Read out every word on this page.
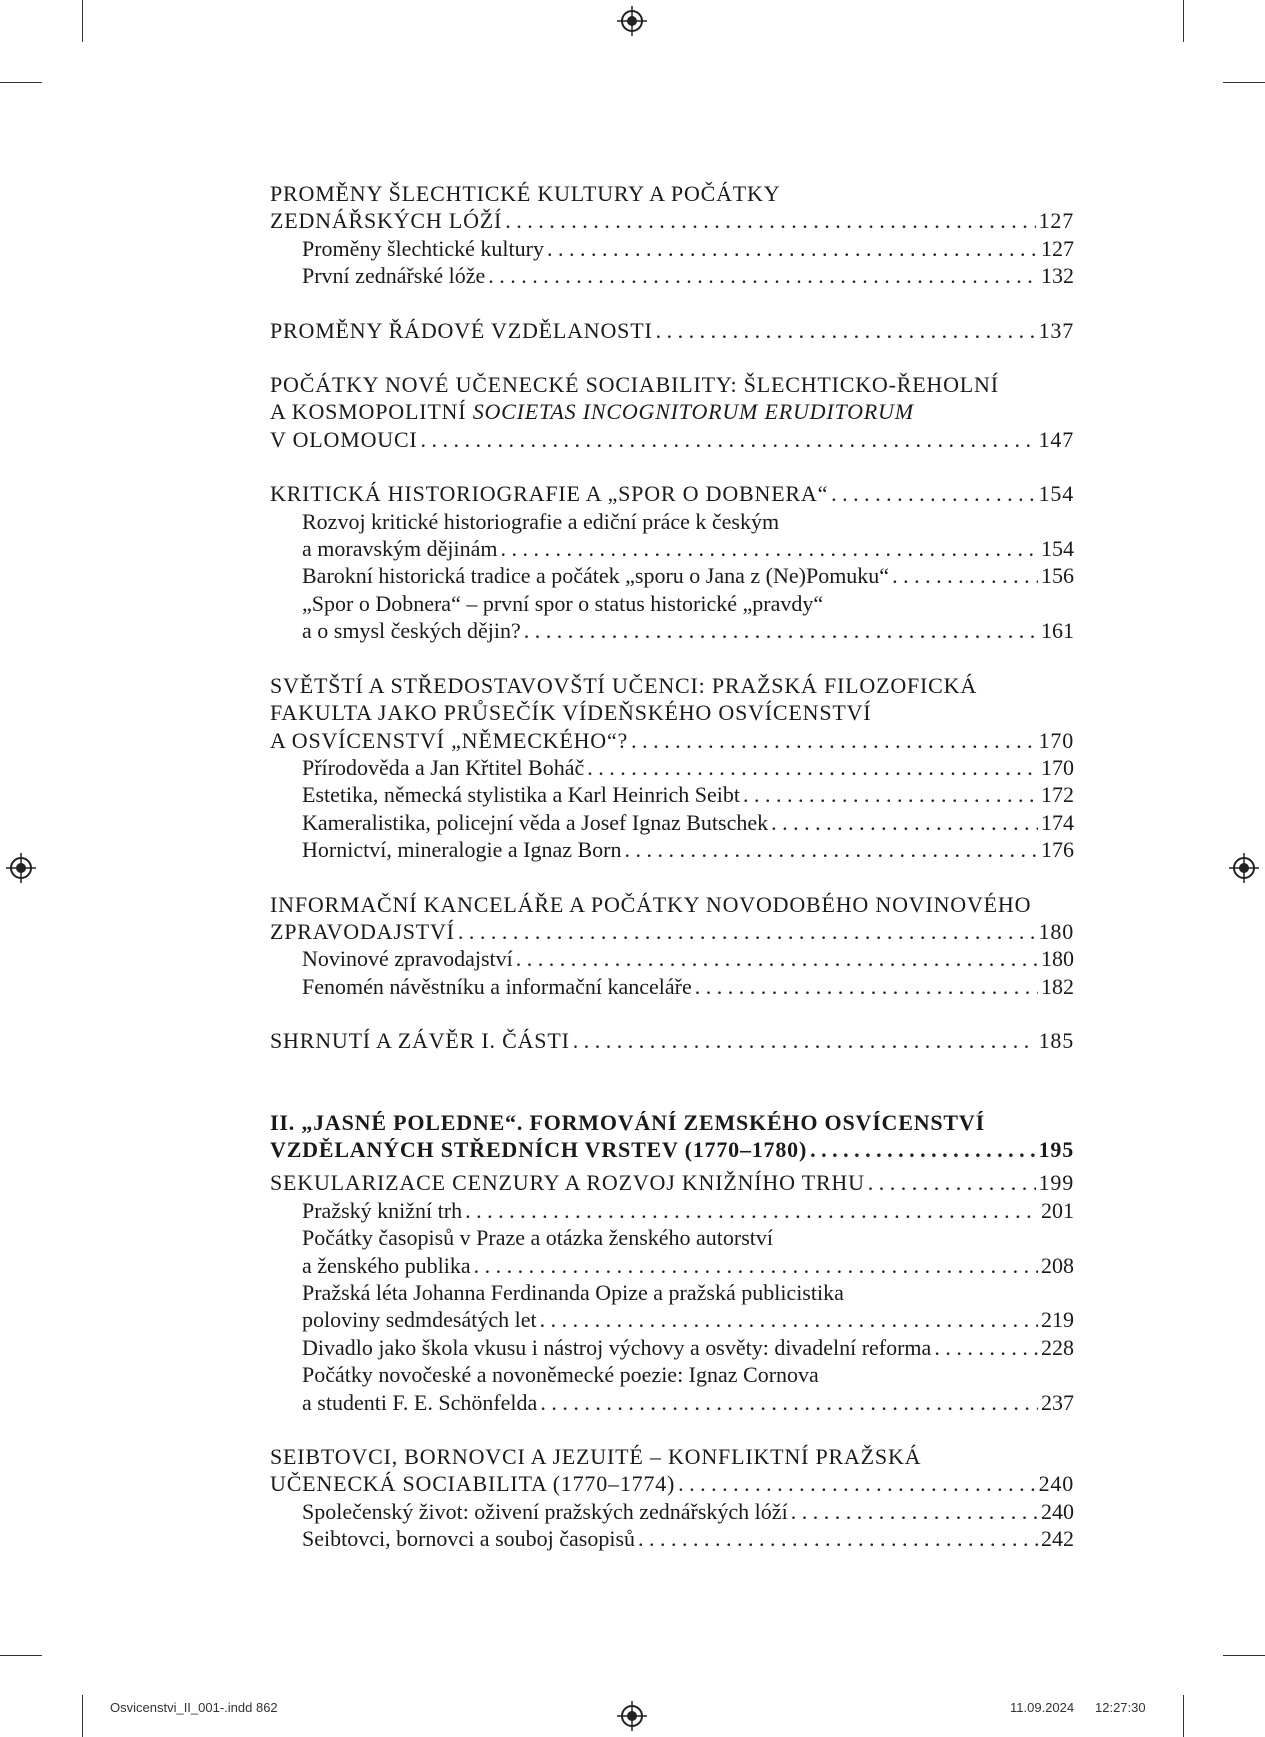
PROMĚNY ŠLECHTICKÉ KULTURY A POČÁTKY
ZEDNÁŘSKÝCH LÓŽÍ . . .	127
Proměny šlechtické kultury . . .	127
První zednářské lóže . . .	132
PROMĚNY ŘÁDOVÉ VZDĚLANOSTI . . .	137
POČÁTKY NOVÉ UČENECKÉ SOCIABILITY: ŠLECHTICKO-ŘEHOLNÍ
A KOSMOPOLITNÍ SOCIETAS INCOGNITORUM ERUDITORUM
V OLOMOUCI . . .	147
KRITICKÁ HISTORIOGRAFIE A „SPOR O DOBNERA“ . . .	154
Rozvoj kritické historiografie a ediční práce k českým
a moravským dějinám . . .	154
Barokní historická tradice a počátek „sporu o Jana z (Ne)Pomuku“ . . .	156
„Spor o Dobnera“ – první spor o status historické „pravdy“
a o smysl českých dějin? . . .	161
SVĚTŠTÍ A STŘEDOSTAVOVŠTÍ UČENCI: PRAŽSKÁ FILOZOFICKÁ
FAKULTA JAKO PRŮSEČÍK VÍDEŇSKÉHO OSVÍCENSTVÍ
A OSVÍCENSTVÍ „NĚMECKÉHO“? . . .	170
Přírodověda a Jan Křtitel Boháč . . .	170
Estetika, německá stylistika a Karl Heinrich Seibt . . .	172
Kameralistika, policejní věda a Josef Ignaz Butschek . . .	174
Hornictví, mineralogie a Ignaz Born . . .	176
INFORMAČNÍ KANCELÁŘE A POČÁTKY NOVODOBÉHO NOVINOVÉHO
ZPRAVODAJSTVÍ . . .	180
Novinové zpravodajství . . .	180
Fenomén návěstníku a informační kanceláře . . .	182
SHRNUTÍ A ZÁVĚR I. ČÁSTI . . .	185
II. „JASNÉ POLEDNE“. FORMOVÁNÍ ZEMSKÉHO OSVÍCENSTVÍ
VZDĚLANÝCH STŘEDNÍCH VRSTEV (1770–1780) . . .	195
SEKULARIZACE CENZURY A ROZVOJ KNIŽNÍHO TRHU . . .	199
Pražský knižní trh . . .	201
Počátky časopisů v Praze a otázka ženského autorství
a ženského publika . . .	208
Pražská léta Johanna Ferdinanda Opize a pražská publicistika
poloviny sedmdesátých let . . .	219
Divadlo jako škola vkusu i nástroj výchovy a osvěty: divadelní reforma . . .	228
Počátky novočeské a novoněmecké poezie: Ignaz Cornova
a studenti F. E. Schönfelda . . .	237
SEIBTOVCI, BORNOVCI A JEZUITÉ – KONFLIKTNÍ PRAŽSKÁ
UČENECKÁ SOCIABILITA (1770–1774) . . .	240
Společenský život: oživení pražských zednářských lóží . . .	240
Seibtovci, bornovci a souboj časopisů . . .	242
Osvicenstvi_II_001-.indd 862	11.09.2024 12:27:30
